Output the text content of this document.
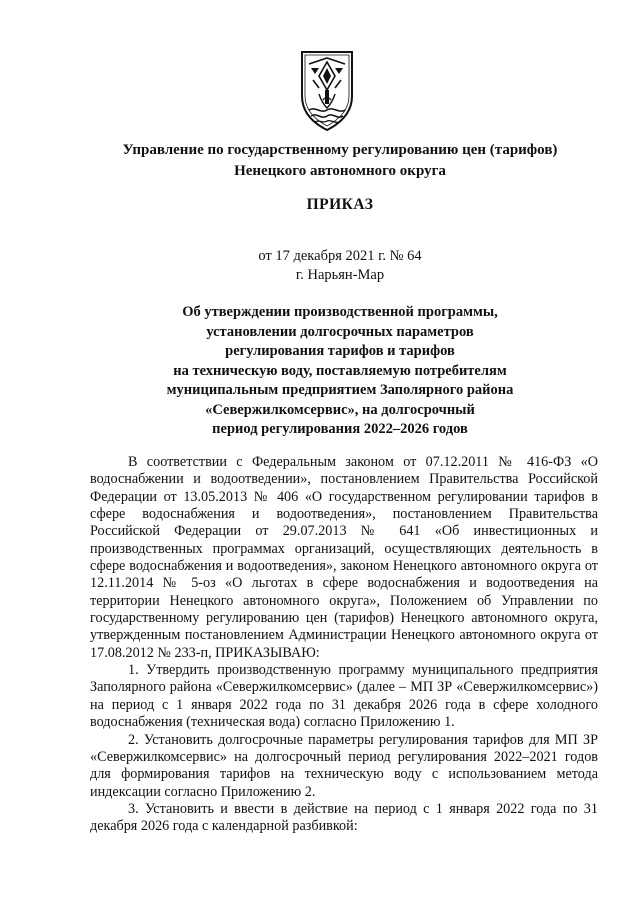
Управление по государственному регулированию цен (тарифов)
Ненецкого автономного округа
ПРИКАЗ
от 17 декабря 2021 г. № 64
г. Нарьян-Мар
Об утверждении производственной программы,
установлении долгосрочных параметров
регулирования тарифов и тарифов
на техническую воду, поставляемую потребителям
муниципальным предприятием Заполярного района
«Севержилкомсервис», на долгосрочный
период регулирования 2022–2026 годов

В соответствии с Федеральным законом от 07.12.2011 № 416-ФЗ «О водоснабжении и водоотведении», постановлением Правительства Российской Федерации от 13.05.2013 № 406 «О государственном регулировании тарифов в сфере водоснабжения и водоотведения», постановлением Правительства Российской Федерации от 29.07.2013 № 641 «Об инвестиционных и производственных программах организаций, осуществляющих деятельность в сфере водоснабжения и водоотведения», законом Ненецкого автономного округа от 12.11.2014 № 5-оз «О льготах в сфере водоснабжения и водоотведения на территории Ненецкого автономного округа», Положением об Управлении по государственному регулированию цен (тарифов) Ненецкого автономного округа, утвержденным постановлением Администрации Ненецкого автономного округа от 17.08.2012 № 233-п, ПРИКАЗЫВАЮ:

1. Утвердить производственную программу муниципального предприятия Заполярного района «Севержилкомсервис» (далее – МП ЗР «Севержилкомсервис») на период с 1 января 2022 года по 31 декабря 2026 года в сфере холодного водоснабжения (техническая вода) согласно Приложению 1.

2. Установить долгосрочные параметры регулирования тарифов для МП ЗР «Севержилкомсервис» на долгосрочный период регулирования 2022–2021 годов для формирования тарифов на техническую воду с использованием метода индексации согласно Приложению 2.

3. Установить и ввести в действие на период с 1 января 2022 года по 31 декабря 2026 года с календарной разбивкой:
